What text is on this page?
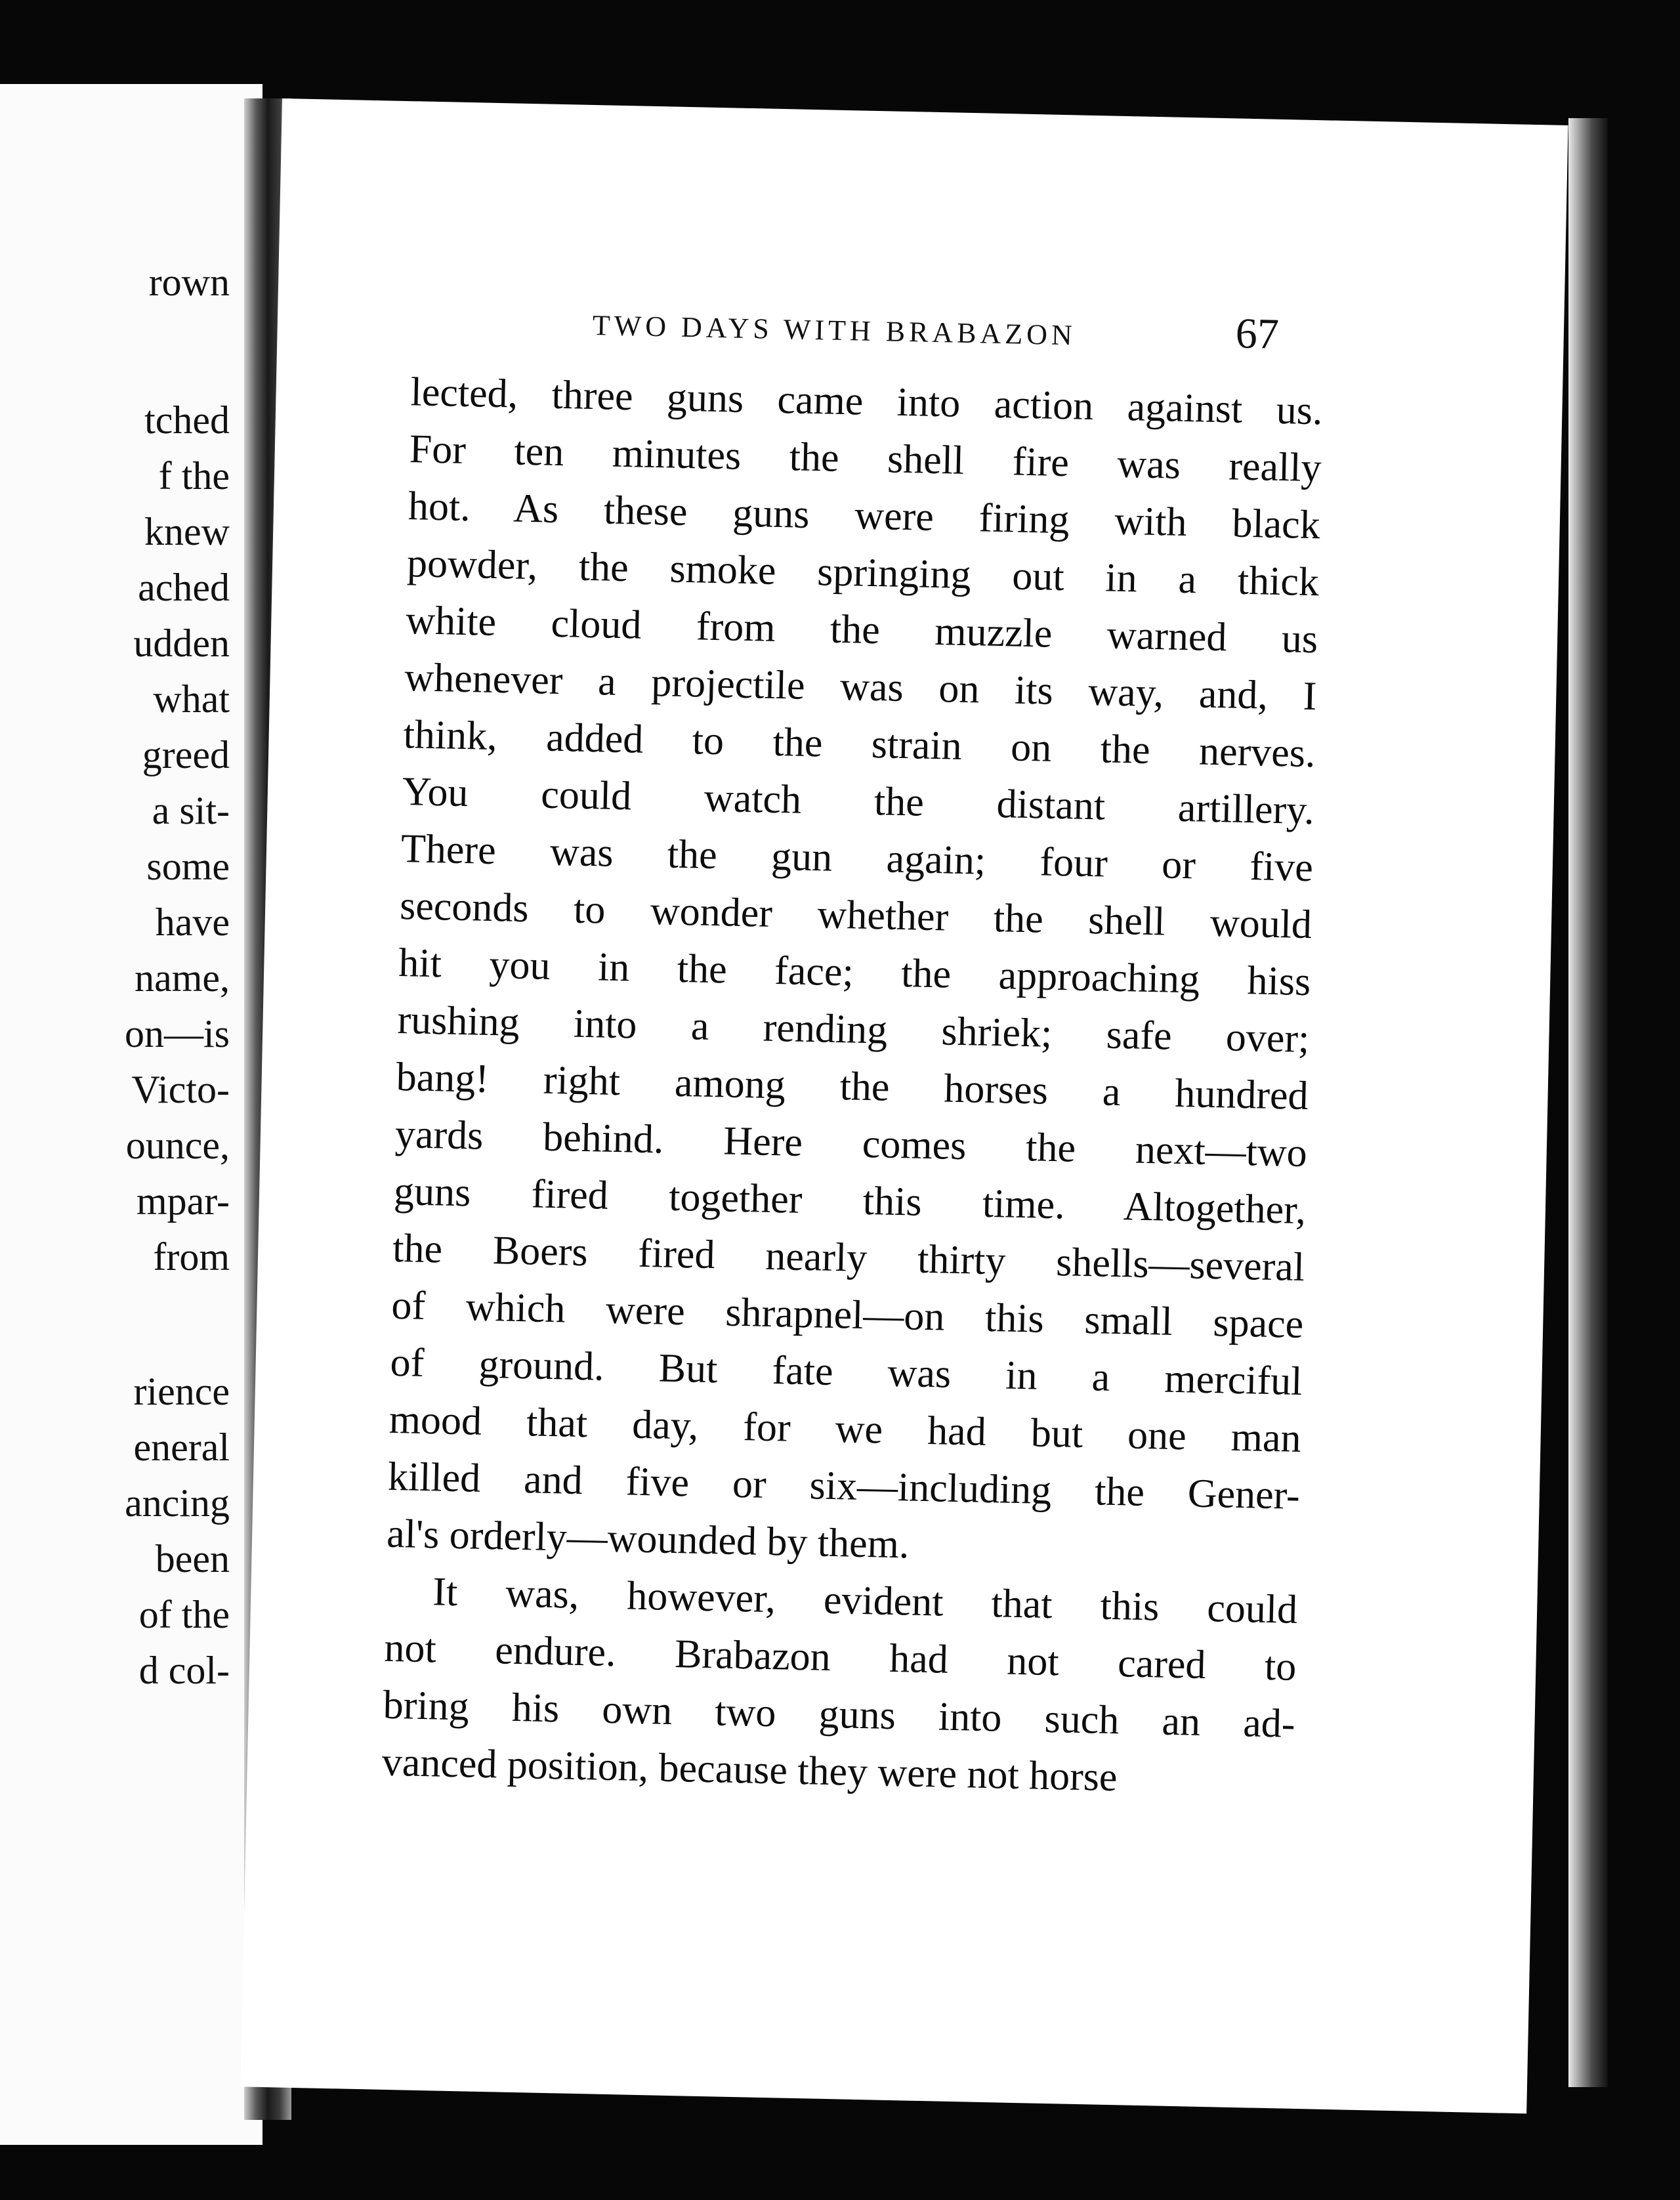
rown
tched
f the
knew
ached
udden
what
greed
a sit-
some
have
name,
on—is
Victo-
ounce,
mpar-
from
rience
eneral
ancing
been
of the
d col-
TWO DAYS WITH BRABAZON	67
lected, three guns came into action against us.
For ten minutes the shell fire was really
hot. As these guns were firing with black
powder, the smoke springing out in a thick
white cloud from the muzzle warned us
whenever a projectile was on its way, and, I
think, added to the strain on the nerves.
You could watch the distant artillery.
There was the gun again; four or five
seconds to wonder whether the shell would
hit you in the face; the approaching hiss
rushing into a rending shriek; safe over;
bang! right among the horses a hundred
yards behind. Here comes the next—two
guns fired together this time. Altogether,
the Boers fired nearly thirty shells—several
of which were shrapnel—on this small space
of ground. But fate was in a merciful
mood that day, for we had but one man
killed and five or six—including the Gener-
al's orderly—wounded by them.
It was, however, evident that this could
not endure. Brabazon had not cared to
bring his own two guns into such an ad-
vanced position, because they were not horse
